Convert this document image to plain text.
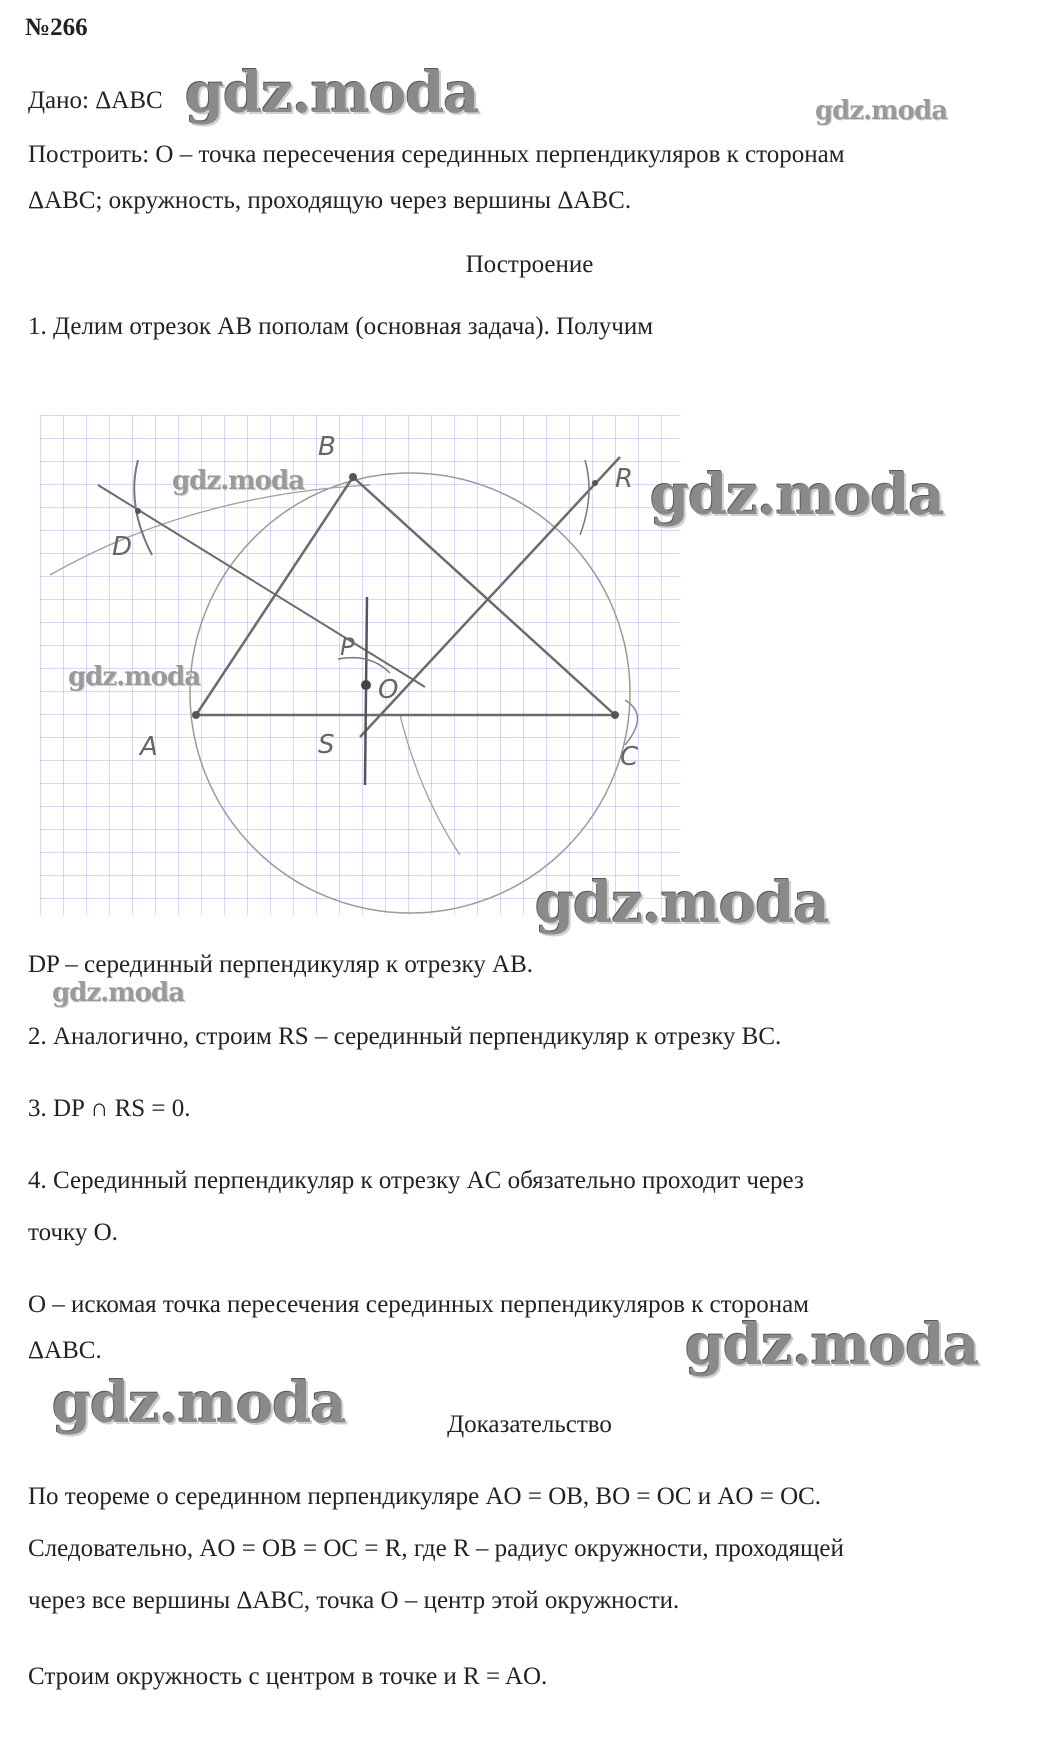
№266
Дано: ΔABC
Построить: O – точка пересечения серединных перпендикуляров к сторонам
ΔABC; окружность, проходящую через вершины ΔABC.
Построение
1. Делим отрезок AB пополам (основная задача). Получим
A
B
C
D
P
O
R
S
DP – серединный перпендикуляр к отрезку AB.
2. Аналогично, строим RS – серединный перпендикуляр к отрезку BC.
3. DP ∩ RS = 0.
4. Серединный перпендикуляр к отрезку AC обязательно проходит через
точку O.
O – искомая точка пересечения серединных перпендикуляров к сторонам
ΔABC.
Доказательство
По теореме о серединном перпендикуляре AO = OB, BO = OC и AO = OC.
Следовательно, AO = OB = OC = R, где R – радиус окружности, проходящей
через все вершины ΔABC, точка O – центр этой окружности.
Строим окружность с центром в точке и R = AO.
gdz.moda	gdz.moda
gdz.moda
gdz.moda
gdz.moda
gdz.moda
gdz.moda
gdz.moda
gdz.moda
